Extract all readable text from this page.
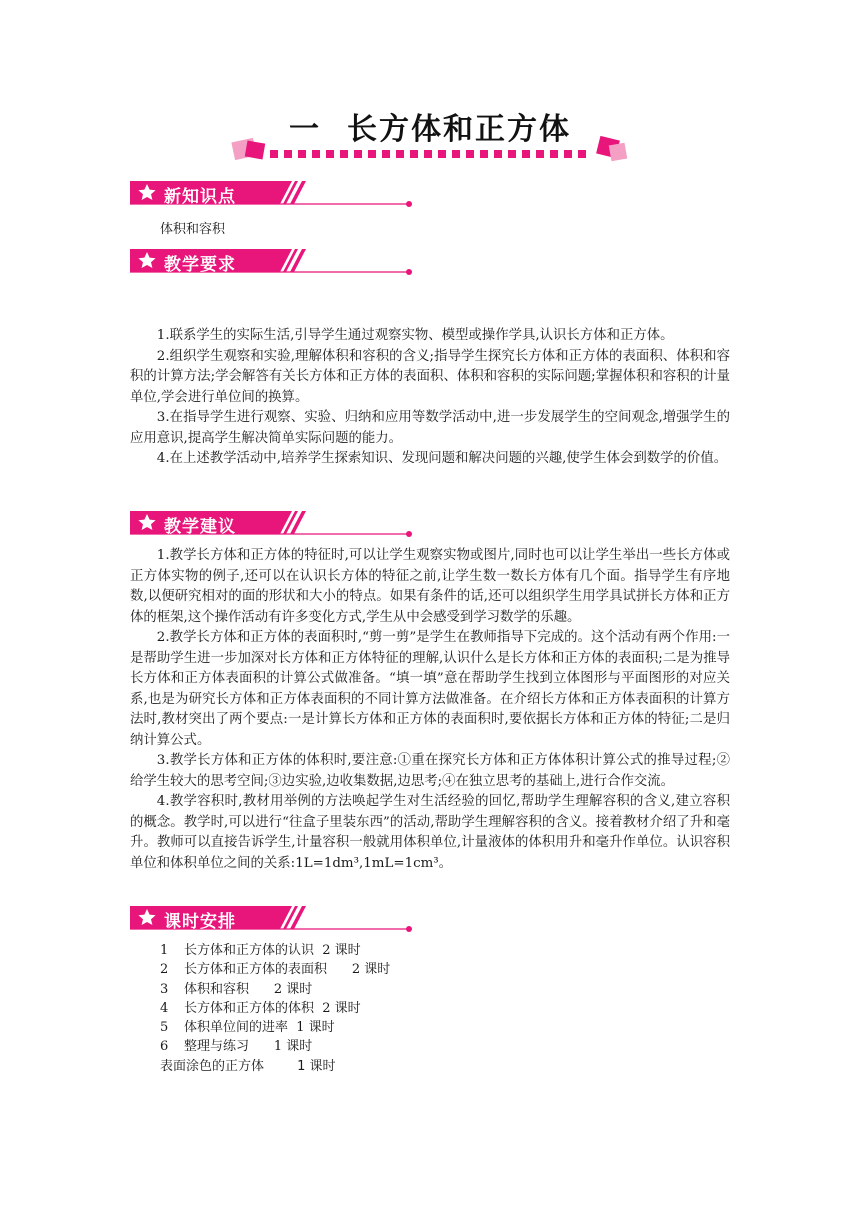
一 长方体和正方体
新知识点
体积和容积
教学要求

1.联系学生的实际生活,引导学生通过观察实物、模型或操作学具,认识长方体和正方体。

2.组织学生观察和实验,理解体积和容积的含义;指导学生探究长方体和正方体的表面积、体积和容积的计算方法;学会解答有关长方体和正方体的表面积、体积和容积的实际问题;掌握体积和容积的计量单位,学会进行单位间的换算。

3.在指导学生进行观察、实验、归纳和应用等数学活动中,进一步发展学生的空间观念,增强学生的应用意识,提高学生解决简单实际问题的能力。

4.在上述教学活动中,培养学生探索知识、发现问题和解决问题的兴趣,使学生体会到数学的价值。

教学建议

1.教学长方体和正方体的特征时,可以让学生观察实物或图片,同时也可以让学生举出一些长方体或正方体实物的例子,还可以在认识长方体的特征之前,让学生数一数长方体有几个面。指导学生有序地数,以便研究相对的面的形状和大小的特点。如果有条件的话,还可以组织学生用学具试拼长方体和正方体的框架,这个操作活动有许多变化方式,学生从中会感受到学习数学的乐趣。

2.教学长方体和正方体的表面积时,“剪一剪”是学生在教师指导下完成的。这个活动有两个作用:一是帮助学生进一步加深对长方体和正方体特征的理解,认识什么是长方体和正方体的表面积;二是为推导长方体和正方体表面积的计算公式做准备。“填一填”意在帮助学生找到立体图形与平面图形的对应关系,也是为研究长方体和正方体表面积的不同计算方法做准备。在介绍长方体和正方体表面积的计算方法时,教材突出了两个要点:一是计算长方体和正方体的表面积时,要依据长方体和正方体的特征;二是归纳计算公式。

3.教学长方体和正方体的体积时,要注意:①重在探究长方体和正方体体积计算公式的推导过程;②给学生较大的思考空间;③边实验,边收集数据,边思考;④在独立思考的基础上,进行合作交流。

4.教学容积时,教材用举例的方法唤起学生对生活经验的回忆,帮助学生理解容积的含义,建立容积的概念。教学时,可以进行“往盒子里装东西”的活动,帮助学生理解容积的含义。接着教材介绍了升和毫升。教师可以直接告诉学生,计量容积一般就用体积单位,计量液体的体积用升和毫升作单位。认识容积单位和体积单位之间的关系:1L=1dm³,1mL=1cm³。

课时安排
1 长方体和正方体的认识 2 课时
2 长方体和正方体的表面积 2 课时
3 体积和容积 2 课时
4 长方体和正方体的体积 2 课时
5 体积单位间的进率 1 课时
6 整理与练习 1 课时
表面涂色的正方体	1 课时
